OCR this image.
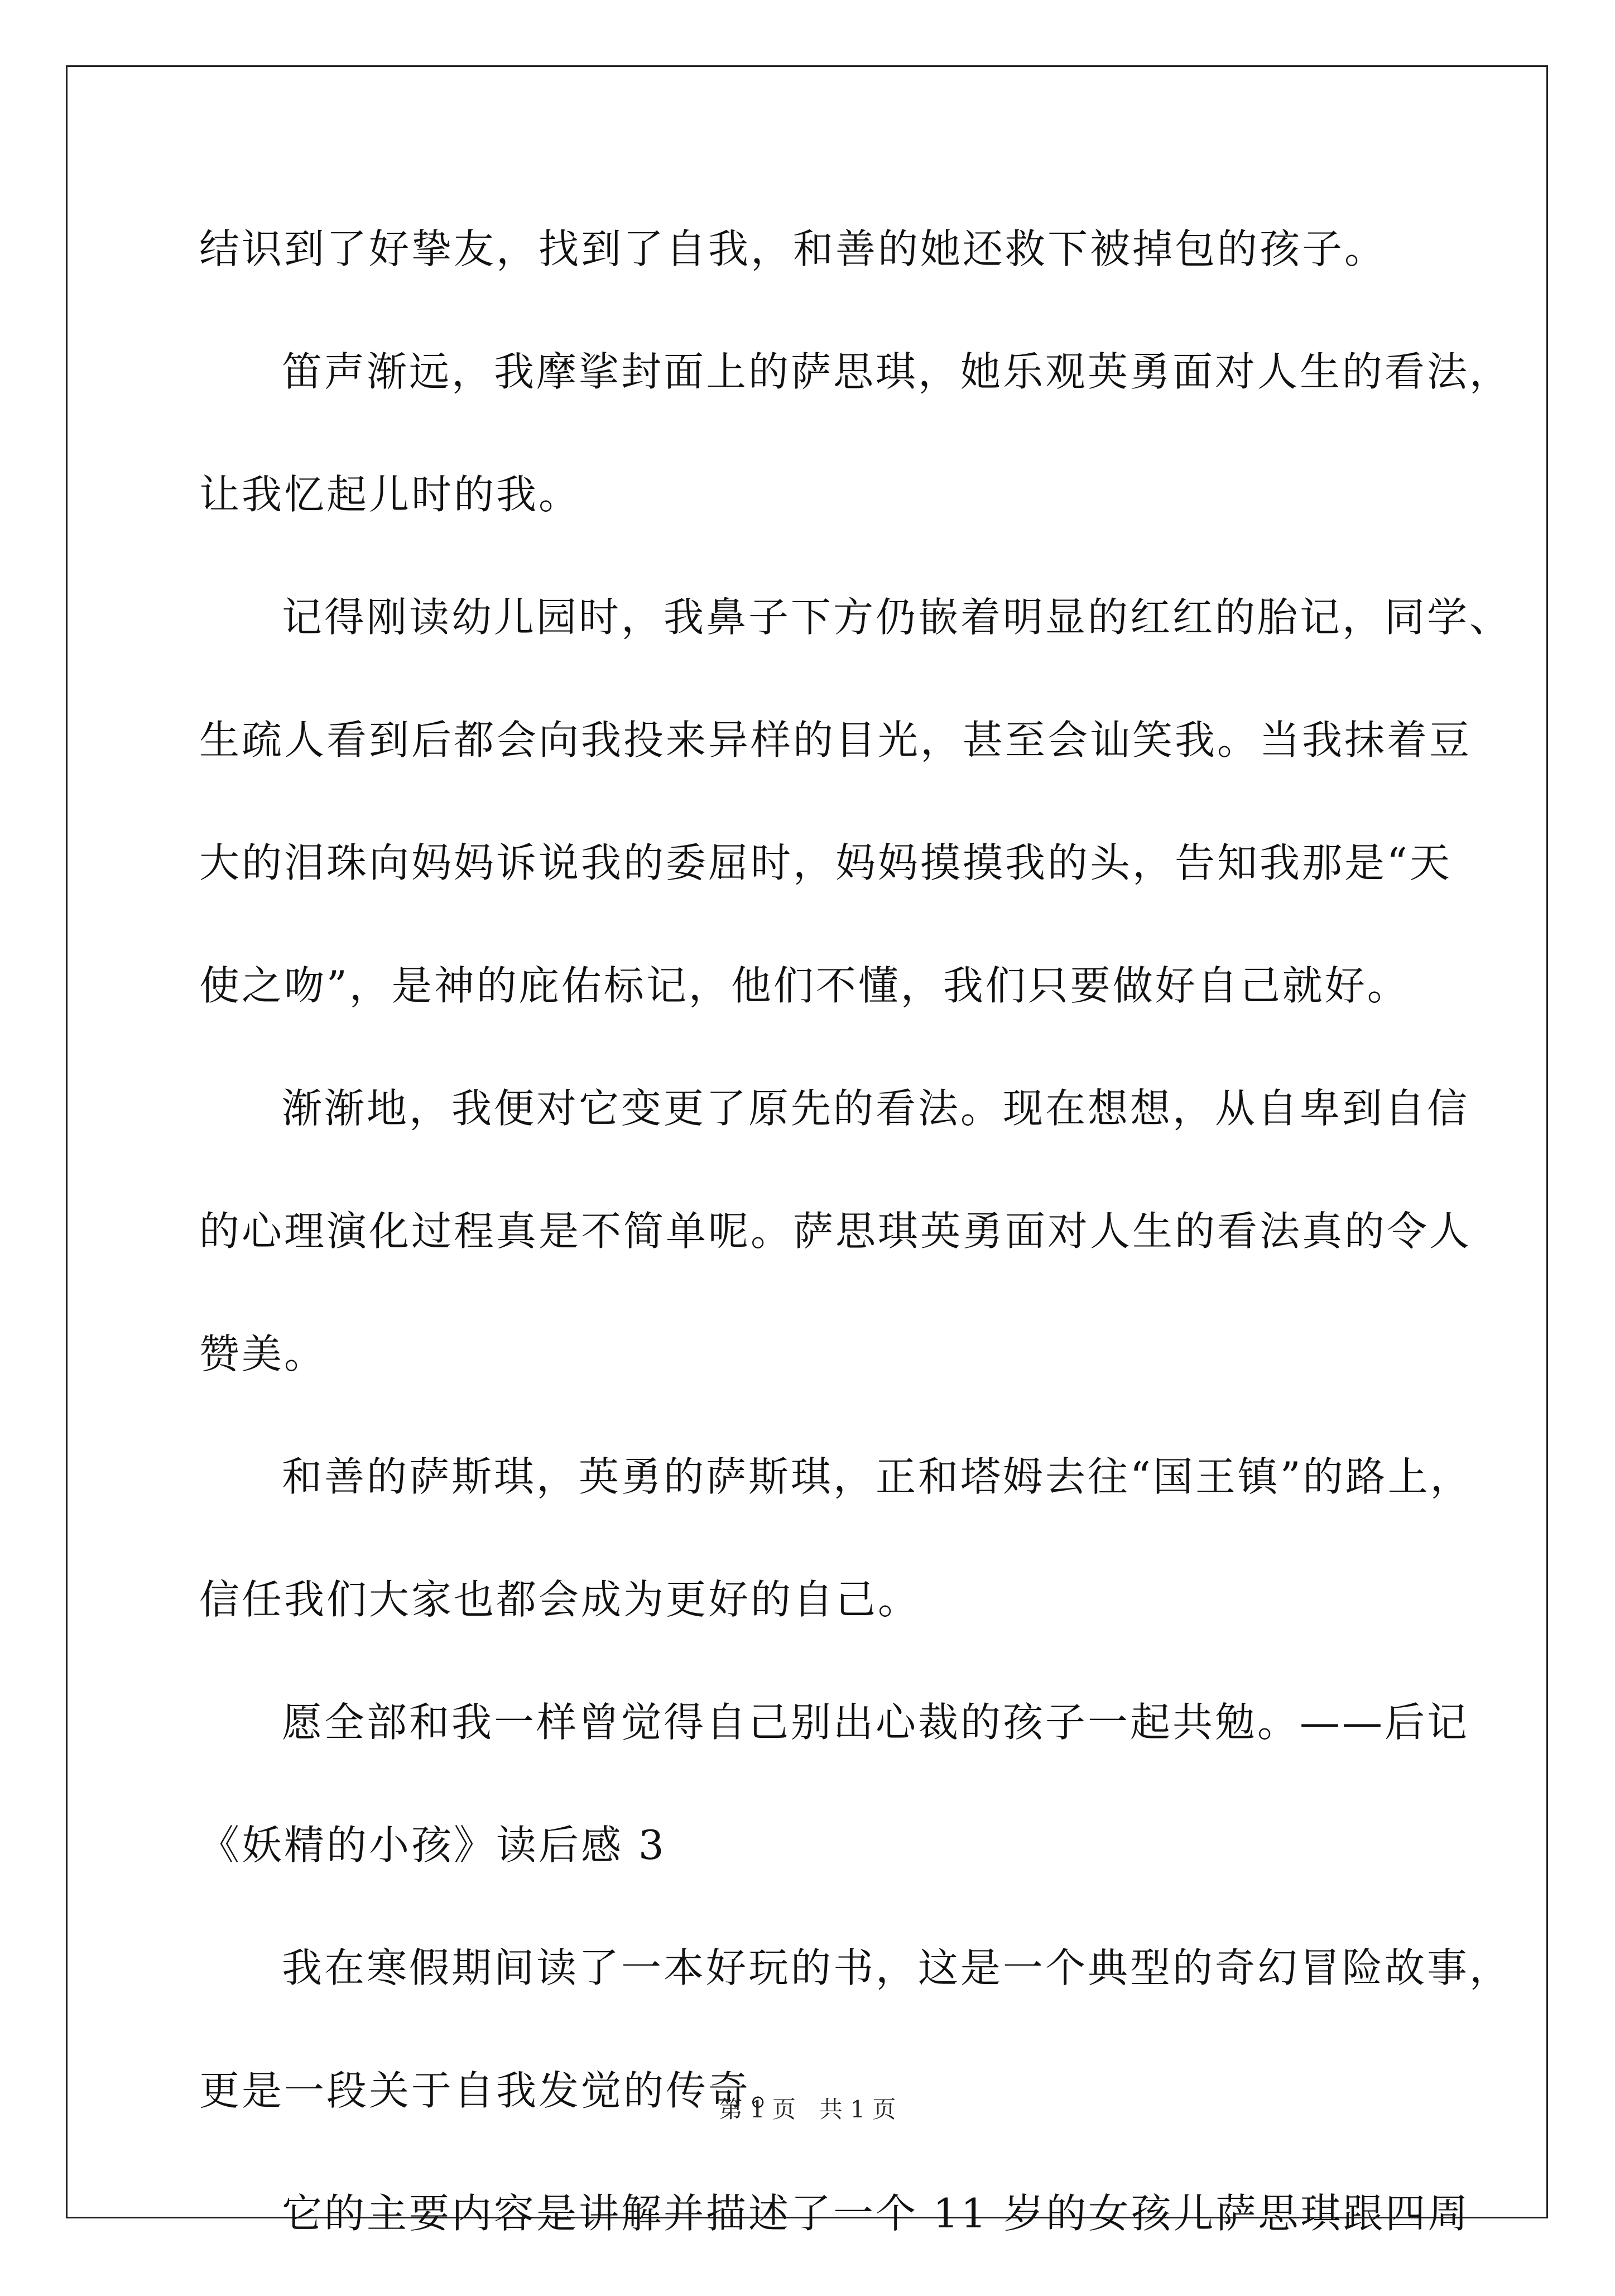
结识到了好挚友，找到了自我，和善的她还救下被掉包的孩子。
笛声渐远，我摩挲封面上的萨思琪，她乐观英勇面对人生的看法，
让我忆起儿时的我。
记得刚读幼儿园时，我鼻子下方仍嵌着明显的红红的胎记，同学、
生疏人看到后都会向我投来异样的目光，甚至会讪笑我。当我抹着豆
大的泪珠向妈妈诉说我的委屈时，妈妈摸摸我的头，告知我那是“天
使之吻”，是神的庇佑标记，他们不懂，我们只要做好自己就好。
渐渐地，我便对它变更了原先的看法。现在想想，从自卑到自信
的心理演化过程真是不简单呢。萨思琪英勇面对人生的看法真的令人
赞美。
和善的萨斯琪，英勇的萨斯琪，正和塔姆去往“国王镇”的路上，
信任我们大家也都会成为更好的自己。
愿全部和我一样曾觉得自己别出心裁的孩子一起共勉。——后记
《妖精的小孩》读后感 3
我在寒假期间读了一本好玩的书，这是一个典型的奇幻冒险故事，
更是一段关于自我发觉的传奇。
它的主要内容是讲解并描述了一个 11 岁的女孩儿萨思琪跟四周
第 1 页　共 1 页
